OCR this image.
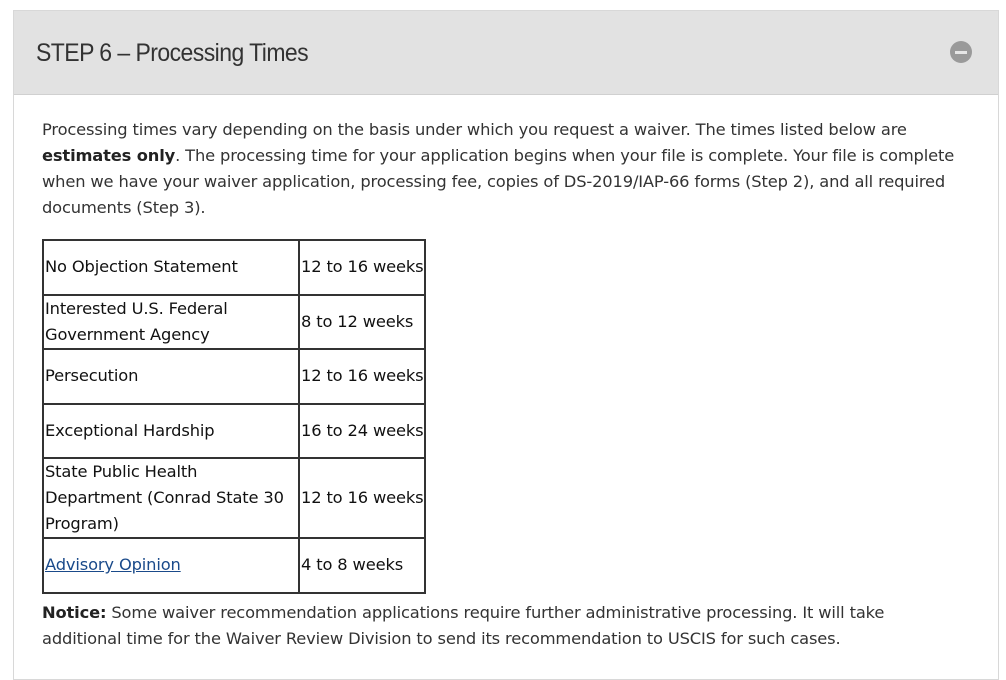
STEP 6 – Processing Times

Processing times vary depending on the basis under which you request a waiver. The times listed below are estimates only. The processing time for your application begins when your file is complete. Your file is complete when we have your waiver application, processing fee, copies of DS-2019/IAP-66 forms (Step 2), and all required documents (Step 3).

No Objection Statement	12 to 16 weeks
Interested U.S. Federal Government Agency	8 to 12 weeks
Persecution	12 to 16 weeks
Exceptional Hardship	16 to 24 weeks
State Public Health Department (Conrad State 30 Program)	12 to 16 weeks
Advisory Opinion	4 to 8 weeks

Notice: Some waiver recommendation applications require further administrative processing. It will take additional time for the Waiver Review Division to send its recommendation to USCIS for such cases.
